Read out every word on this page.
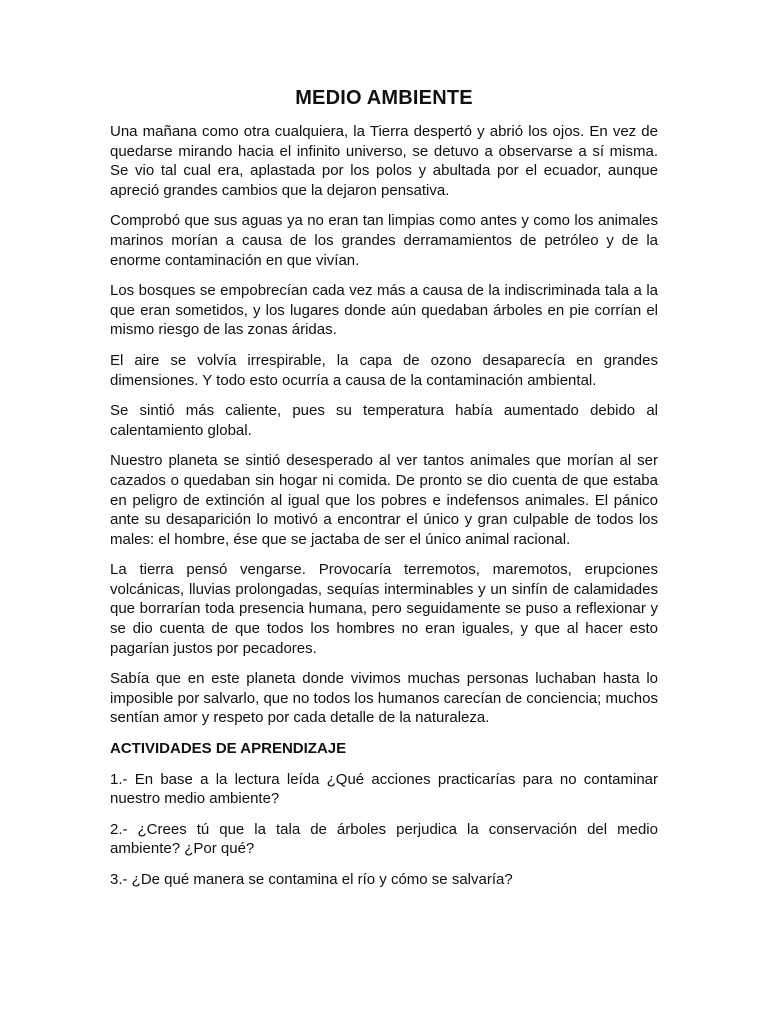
MEDIO AMBIENTE

Una mañana como otra cualquiera, la Tierra despertó y abrió los ojos. En vez de quedarse mirando hacia el infinito universo, se detuvo a observarse a sí misma. Se vio tal cual era, aplastada por los polos y abultada por el ecuador, aunque apreció grandes cambios que la dejaron pensativa.

Comprobó que sus aguas ya no eran tan limpias como antes y como los animales marinos morían a causa de los grandes derramamientos de petróleo y de la enorme contaminación en que vivían.

Los bosques se empobrecían cada vez más a causa de la indiscriminada tala a la que eran sometidos, y los lugares donde aún quedaban árboles en pie corrían el mismo riesgo de las zonas áridas.

El aire se volvía irrespirable, la capa de ozono desaparecía en grandes dimensiones. Y todo esto ocurría a causa de la contaminación ambiental.

Se sintió más caliente, pues su temperatura había aumentado debido al calentamiento global.

Nuestro planeta se sintió desesperado al ver tantos animales que morían al ser cazados o quedaban sin hogar ni comida. De pronto se dio cuenta de que estaba en peligro de extinción al igual que los pobres e indefensos animales. El pánico ante su desaparición lo motivó a encontrar el único y gran culpable de todos los males: el hombre, ése que se jactaba de ser el único animal racional.

La tierra pensó vengarse. Provocaría terremotos, maremotos, erupciones volcánicas, lluvias prolongadas, sequías interminables y un sinfín de calamidades que borrarían toda presencia humana, pero seguidamente se puso a reflexionar y se dio cuenta de que todos los hombres no eran iguales, y que al hacer esto pagarían justos por pecadores.

Sabía que en este planeta donde vivimos muchas personas luchaban hasta lo imposible por salvarlo, que no todos los humanos carecían de conciencia; muchos sentían amor y respeto por cada detalle de la naturaleza.

ACTIVIDADES DE APRENDIZAJE

1.- En base a la lectura leída ¿Qué acciones practicarías para no contaminar nuestro medio ambiente?

2.- ¿Crees tú que la tala de árboles perjudica la conservación del medio ambiente? ¿Por qué?

3.- ¿De qué manera se contamina el río y cómo se salvaría?
